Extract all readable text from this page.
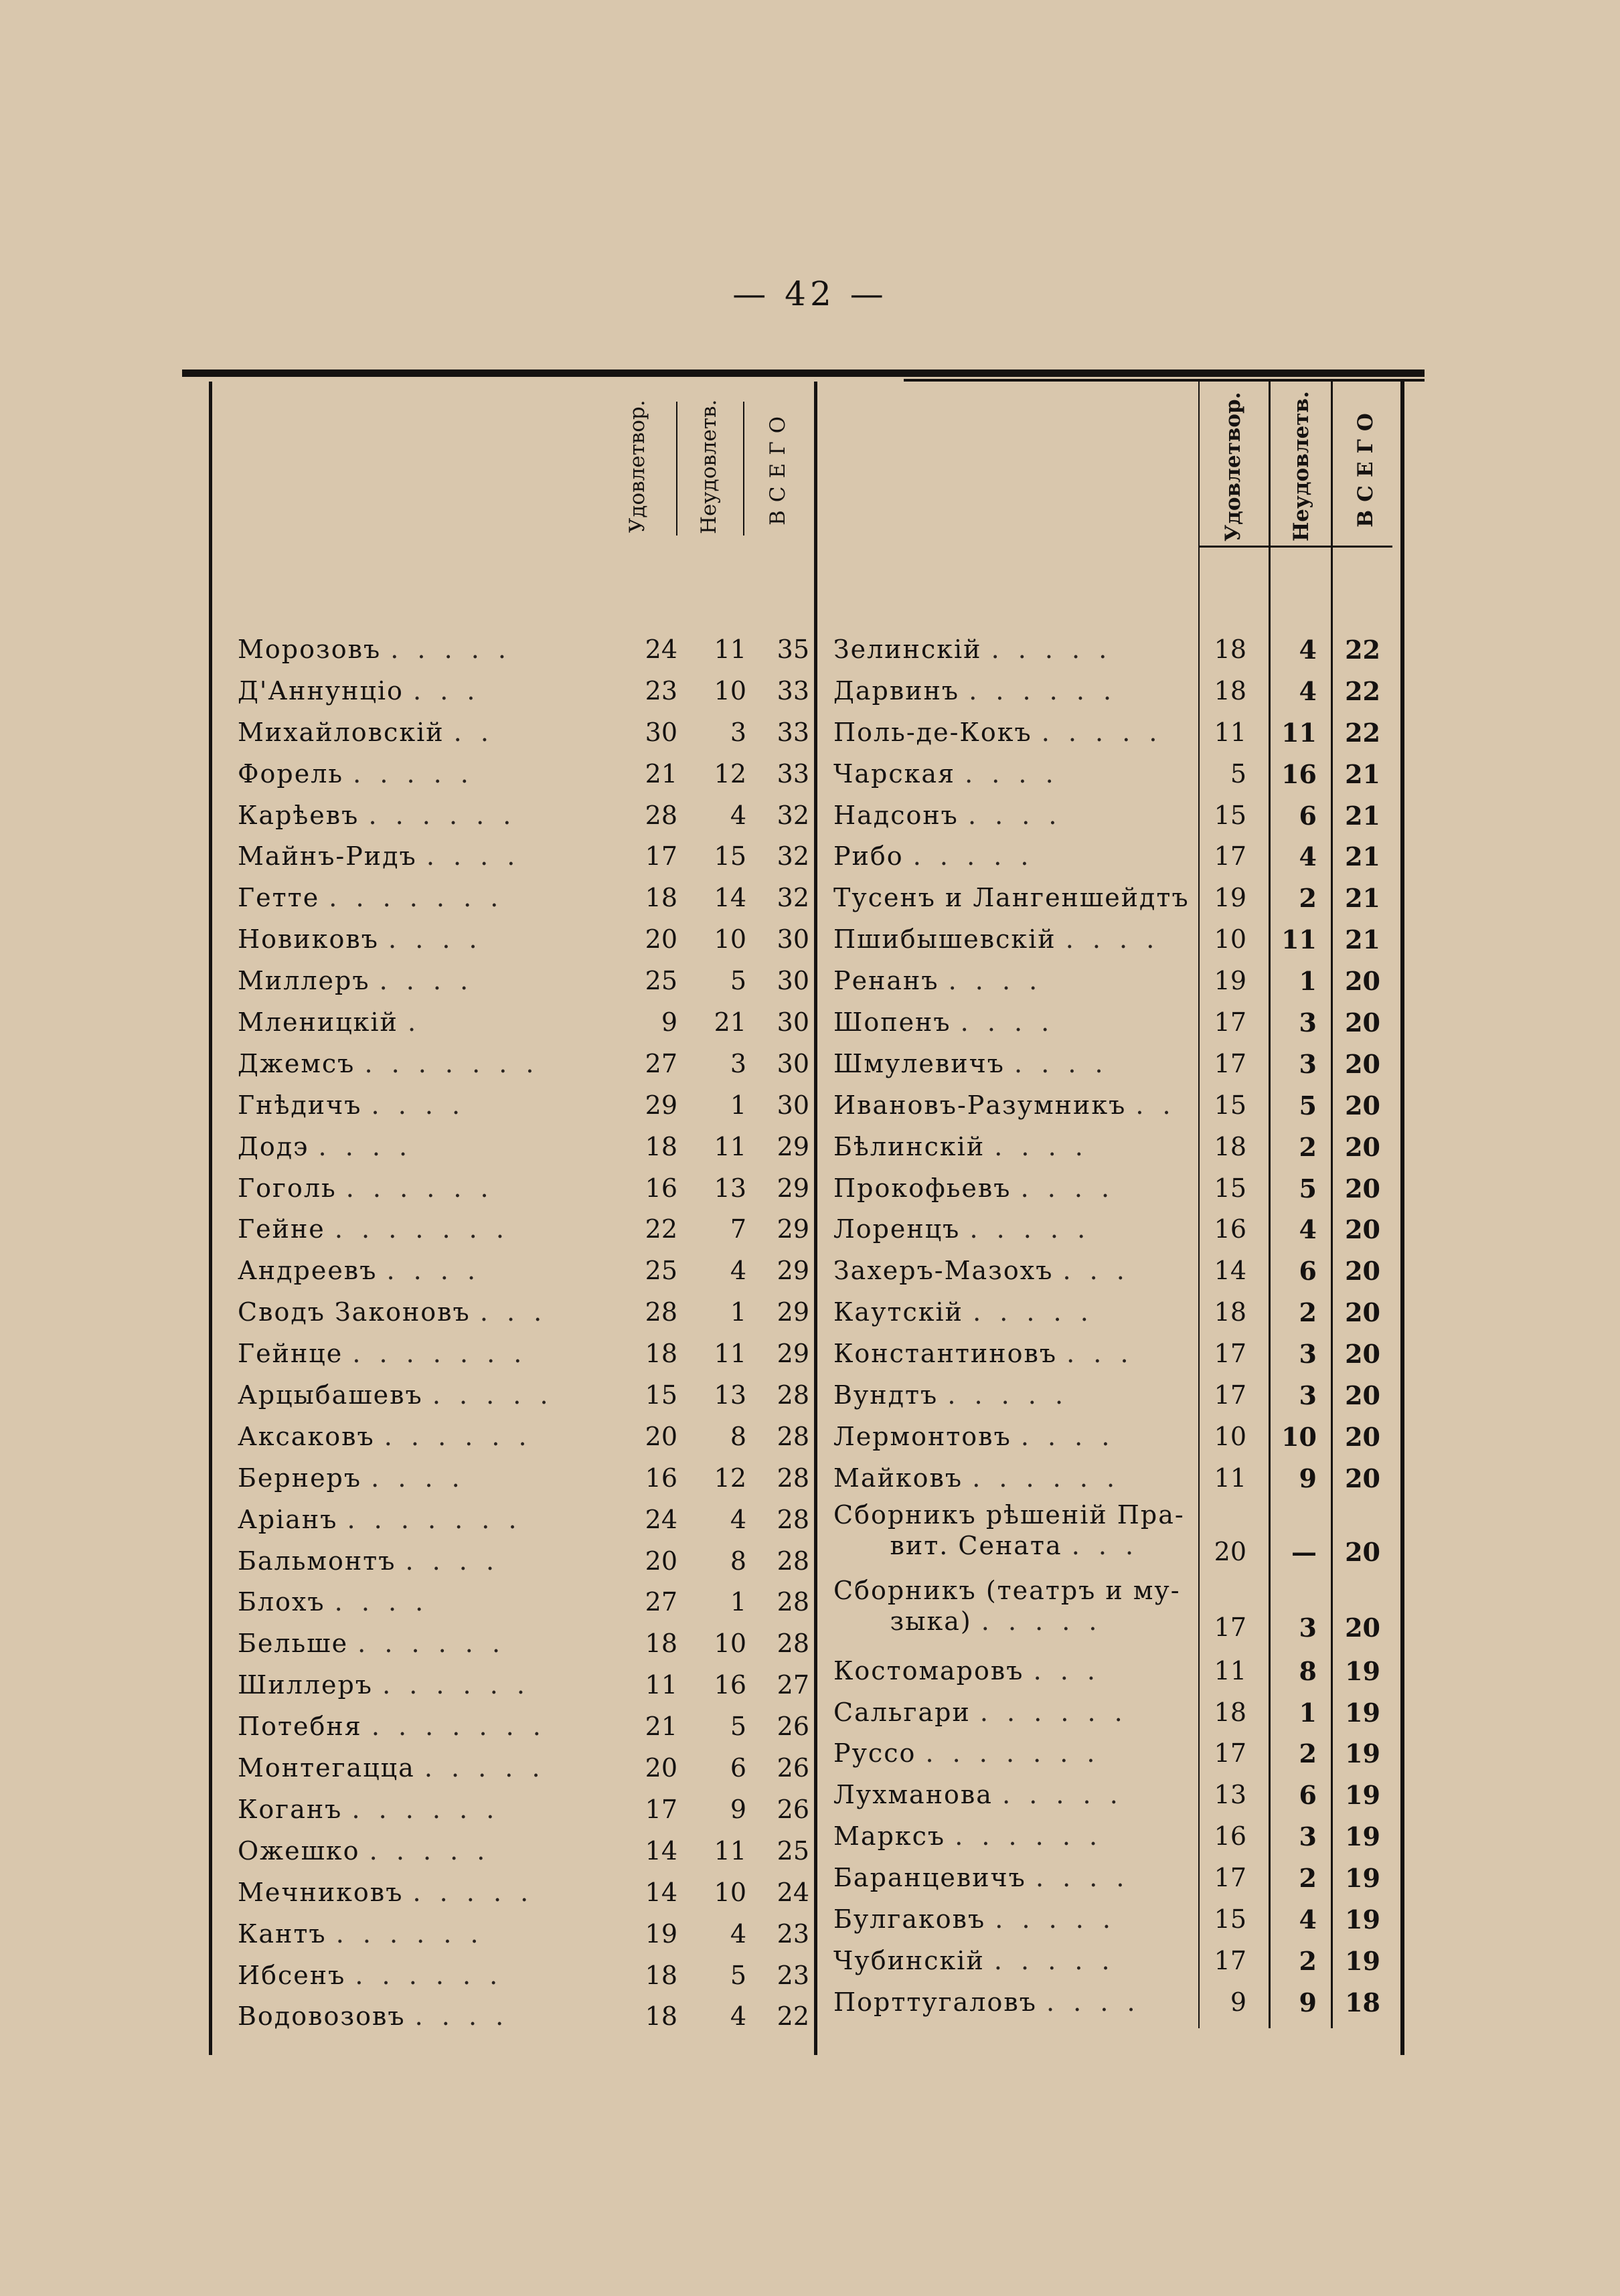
— 42 —
Удовлетвор.	Неудовлетв.	ВСЕГО	Удовлетвор.	Неудовлетв.	ВСЕГО
Морозовъ . . . . .	24	11	35
Д'Аннунціо . . .	23	10	33
Михайловскій . .	30	3	33
Форель . . . . .	21	12	33
Карѣевъ . . . . . .	28	4	32
Майнъ-Ридъ . . . .	17	15	32
Гетте . . . . . . .	18	14	32
Новиковъ . . . .	20	10	30
Миллеръ . . . .	25	5	30
Мленицкій .	9	21	30
Джемсъ . . . . . . .	27	3	30
Гнѣдичъ . . . .	29	1	30
Додэ . . . .	18	11	29
Гоголь . . . . . .	16	13	29
Гейне . . . . . . .	22	7	29
Андреевъ . . . .	25	4	29
Сводъ Законовъ . . .	28	1	29
Гейнце . . . . . . .	18	11	29
Арцыбашевъ . . . . .	15	13	28
Аксаковъ . . . . . .	20	8	28
Бернеръ . . . .	16	12	28
Аріанъ . . . . . . .	24	4	28
Бальмонтъ . . . .	20	8	28
Блохъ . . . .	27	1	28
Бельше . . . . . .	18	10	28
Шиллеръ . . . . . .	11	16	27
Потебня . . . . . . .	21	5	26
Монтегацца . . . . .	20	6	26
Коганъ . . . . . .	17	9	26
Ожешко . . . . .	14	11	25
Мечниковъ . . . . .	14	10	24
Кантъ . . . . . .	19	4	23
Ибсенъ . . . . . .	18	5	23
Водовозовъ . . . .	18	4	22
Зелинскій . . . . .	18	4	22
Дарвинъ . . . . . .	18	4	22
Поль-де-Кокъ . . . . .	11	11	22
Чарская . . . .	5	16	21
Надсонъ . . . .	15	6	21
Рибо . . . . .	17	4	21
Тусенъ и Лангеншейдтъ 19	2	21
Пшибышевскій . . . .	10	11	21
Ренанъ . . . .	19	1	20
Шопенъ . . . .	17	3	20
Шмулевичъ . . . .	17	3	20
Ивановъ-Разумникъ . .	15	5	20
Бѣлинскій . . . .	18	2	20
Прокофьевъ . . . .	15	5	20
Лоренцъ . . . . .	16	4	20
Захеръ-Мазохъ . . .	14	6	20
Каутскій . . . . .	18	2	20
Константиновъ . . .	17	3	20
Вундтъ . . . . .	17	3	20
Лермонтовъ . . . .	10	10	20
Майковъ . . . . . .	11	9	20
Сборникъ рѣшеній Пра-
вит. Сената . . .	20	—	20
Сборникъ (театръ и му-
зыка) . . . . .	17	3	20
Костомаровъ . . .	11	8	19
Сальгари . . . . . .	18	1	19
Руссо . . . . . . .	17	2	19
Лухманова . . . . .	13	6	19
Марксъ . . . . . .	16	3	19
Баранцевичъ . . . .	17	2	19
Булгаковъ . . . . .	15	4	19
Чубинскій . . . . .	17	2	19
Порттугаловъ . . . .	9	9	18
